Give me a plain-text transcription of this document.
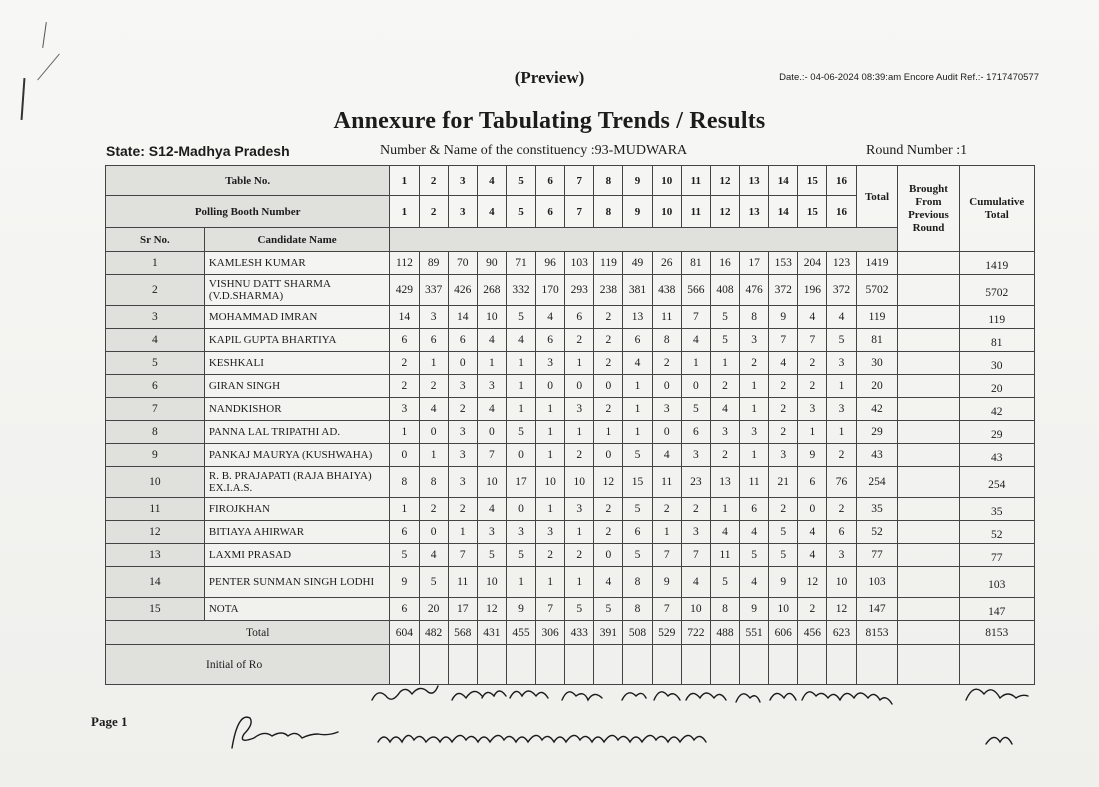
(Preview)	Date.:- 04-06-2024 08:39:am Encore Audit Ref.:- 1717470577
Annexure for Tabulating Trends / Results
State: S12-Madhya Pradesh	Number & Name of the constituency :93-MUDWARA	Round Number :1
Table No.		1	2	3	4	5	6	7	8	9	10	11	12	13	14	15	16	Total	Brought From Previous Round	Cumulative Total
Polling Booth Number		1	2	3	4	5	6	7	8	9	10	11	12	13	14	15	16			
Sr No.	Candidate Name																			
1	KAMLESH KUMAR	112	89	70	90	71	96	103	119	49	26	81	16	17	153	204	123	1419		1419
2	VISHNU DATT SHARMA (V.D.SHARMA)	429	337	426	268	332	170	293	238	381	438	566	408	476	372	196	372	5702		5702
3	MOHAMMAD IMRAN	14	3	14	10	5	4	6	2	13	11	7	5	8	9	4	4	119		119
4	KAPIL GUPTA BHARTIYA	6	6	6	4	4	6	2	2	6	8	4	5	3	7	7	5	81		81
5	KESHKALI	2	1	0	1	1	3	1	2	4	2	1	1	2	4	2	3	30		30
6	GIRAN SINGH	2	2	3	3	1	0	0	0	1	0	0	2	1	2	2	1	20		20
7	NANDKISHOR	3	4	2	4	1	1	3	2	1	3	5	4	1	2	3	3	42		42
8	PANNA LAL TRIPATHI AD.	1	0	3	0	5	1	1	1	1	0	6	3	3	2	1	1	29		29
9	PANKAJ MAURYA (KUSHWAHA)	0	1	3	7	0	1	2	0	5	4	3	2	1	3	9	2	43		43
10	R. B. PRAJAPATI (RAJA BHAIYA) EX.I.A.S.	8	8	3	10	17	10	10	12	15	11	23	13	11	21	6	76	254		254
11	FIROJKHAN	1	2	2	4	0	1	3	2	5	2	2	1	6	2	0	2	35		35
12	BITIAYA AHIRWAR	6	0	1	3	3	3	1	2	6	1	3	4	4	5	4	6	52		52
13	LAXMI PRASAD	5	4	7	5	5	2	2	0	5	7	7	11	5	5	4	3	77		77
14	PENTER SUNMAN SINGH LODHI	9	5	11	10	1	1	1	4	8	9	4	5	4	9	12	10	103		103
15	NOTA	6	20	17	12	9	7	5	5	8	7	10	8	9	10	2	12	147		147
Total		604	482	568	431	455	306	433	391	508	529	722	488	551	606	456	623	8153		8153
Initial of Ro																				
Page 1
